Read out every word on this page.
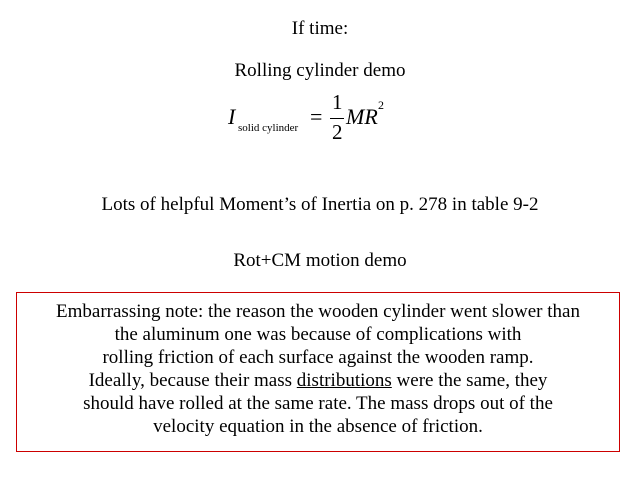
If time:
Rolling cylinder demo
I solid cylinder =
1
2
MR 2
Lots of helpful Moment’s of Inertia on p. 278 in table 9-2
Rot+CM motion demo
Embarrassing note: the reason the wooden cylinder went slower than
the aluminum one was because of complications with
rolling friction of each surface against the wooden ramp.
Ideally, because their mass distributions were the same, they
should have rolled at the same rate. The mass drops out of the
velocity equation in the absence of friction.
